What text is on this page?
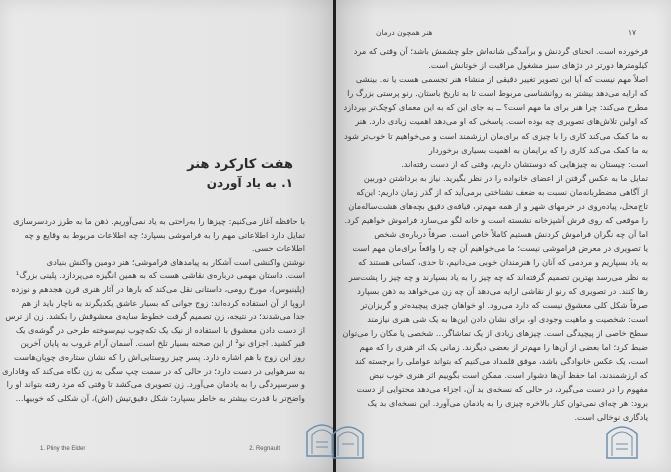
هفت کارکرد هنر
۱. به یاد آوردن
با حافظه آغاز می‌کنیم: چیزها را به‌راحتی به یاد نمی‌آوریم. ذهن ما به طرز دردسرسازی
تمایل دارد اطلاعاتی مهم را به فراموشی بسپارد؛ چه اطلاعات مربوط به وقایع و چه
اطلاعات حسی.
نوشتن واکنشی است آشکار به پیامدهای فراموشی؛ هنر دومین واکنش بنیادی
است. داستان مهمی درباره‌ی نقاشی هست که به همین انگیزه می‌پردازد. پلینی بزرگ¹
(پلینیوس)، مورخ رومی، داستانی نقل می‌کند که بارها در آثار هنری قرن هجدهم و نوزده
اروپا از آن استفاده کرده‌اند: زوج جوانی که بسیار عاشق یکدیگرند به ناچار باید از هم
جدا می‌شدند؛ در نتیجه، زن تصمیم گرفت خطوط سایه‌ی معشوقش را بکشد. زن از ترس
از دست دادن معشوق با استفاده از نیک یک تکه‌چوب نیم‌سوخته طرحی در گوشه‌ی یک
قبر کشید. اجزای نو² از این صحنه بسیار تلخ است. آسمان آرام غروب به پایان آخرین
روز این زوج با هم اشاره دارد. پسر چیز روستایی‌اش را که نشان ستاره‌ی چوپان‌هاست
به سرهوایی در دست دارد؛ در حالی که در سمت چپ سگی به زن نگاه می‌کند که وفاداری
و سرسپردگی را به یادمان می‌آورد. زن تصویری می‌کشد تا وقتی که مرد رفته بتواند او را
واضح‌تر با قدرت بیشتر به خاطر بسپارد؛ شکل دقیق‌تیش (اش)، آن شکلی که خوبیها...
1. Pliny the Elder	2. Regnault
۱۷
هنر همچون درمان
فرخورده است. انحنای گردنش و برآمدگی شانه‌اش جلو چشمش باشد؛ آن وقتی که مرد
کیلومترها دورتر در دژهای سبز مشغول مراقبت از خوتانش است.
اصلاً مهم نیست که آیا این تصویر تغییر دقیقی از منشاء هنر تجسمی هست یا نه. بینشی
که ارایه می‌دهد بیشتر به روانشناسی مربوط است تا به تاریخ باستان. رنو پرستی بزرگ را
مطرح می‌کند: چرا هنر برای ما مهم است؟ ــ به جای این که به این معمای کوچک‌تر بپردازد
که اولین تلاش‌های تصویری چه بوده است. پاسخی که او می‌دهد اهمیت زیادی دارد. هنر
به ما کمک می‌کند کاری را با چیزی که برای‌مان ارزشمند است و می‌خواهیم تا خوب‌تر شود
به ما کمک می‌کند کاری را که برایمان به اهمیت بسیاری برخوردار
است: چیستان به چیزهایی که دوستشان داریم، وقتی که از دست رفته‌اند.
تمایل ما به عکس گرفتن از اعضای خانواده را در نظر بگیرید. نیاز به برداشتن دوربین
از آگاهی مضطربانه‌مان نسبت به ضعف نشناختی برمی‌آید که از گذر زمان داریم: این‌که
تاج‌محل، پیاده‌روی در حرمهای شهر و از همه مهم‌تر، قیافه‌ی دقیق بچه‌های هشت‌ساله‌مان
را موقعی که روی فرش آشپزخانه نشسته است و خانه لگو می‌سازد فراموش خواهیم کرد.
اما آن چه نگران فراموش کردنش هستیم کاملاً خاص است. صرفاً درباره‌ی شخص
یا تصویری در معرض فراموشی نیست؛ ما می‌خواهیم آن چه را واقعاً برای‌مان مهم است
به یاد بسپاریم و مردمی که آنان را هنرمندان خوبی می‌دانیم، تا حدی، کسانی هستند که
به نظر می‌رسد بهترین تصمیم گرفته‌اند که چه چیز را به یاد بسپارند و چه چیز را پشت‌سر
رها کنند. در تصویری که رنو از نقاشی ارایه می‌دهد آن چه زن می‌خواهد به ذهن بسپارد
صرفاً شکل کلی معشوق نیست که دارد می‌رود. او خواهان چیزی پیچیده‌تر و گریزان‌تر
است: شخصیت و ماهیت وجودی او، برای نشان دادن این‌ها به یک شی هنری نیازمند
سطح خاصی از پیچیدگی است. چیزهای زیادی از یک تماشاگر... شخصی یا مکان را می‌توان
ضبط کرد؛ اما بعضی از آن‌ها را مهم‌تر از بعضی دیگرند. زمانی یک اثر هنری را که مهم
است، یک عکس خانوادگی باشد، موفق قلمداد می‌کنیم که بتواند عواملی را برجسته کند
که ارزشمندند، اما حفظ آن‌ها دشوار است. ممکن است بگوییم اثر هنری خوب نبض
مفهوم را در دست می‌گیرد، در حالی که نسخه‌ی بد آن، اجزاء می‌دهد محتوایی از دست
برود: هر چه‌ای نمی‌توان کنار بالاخره چیزی را به یادمان می‌آورد. این نسخه‌ای بد یک
یادگاری نوخالی است.
